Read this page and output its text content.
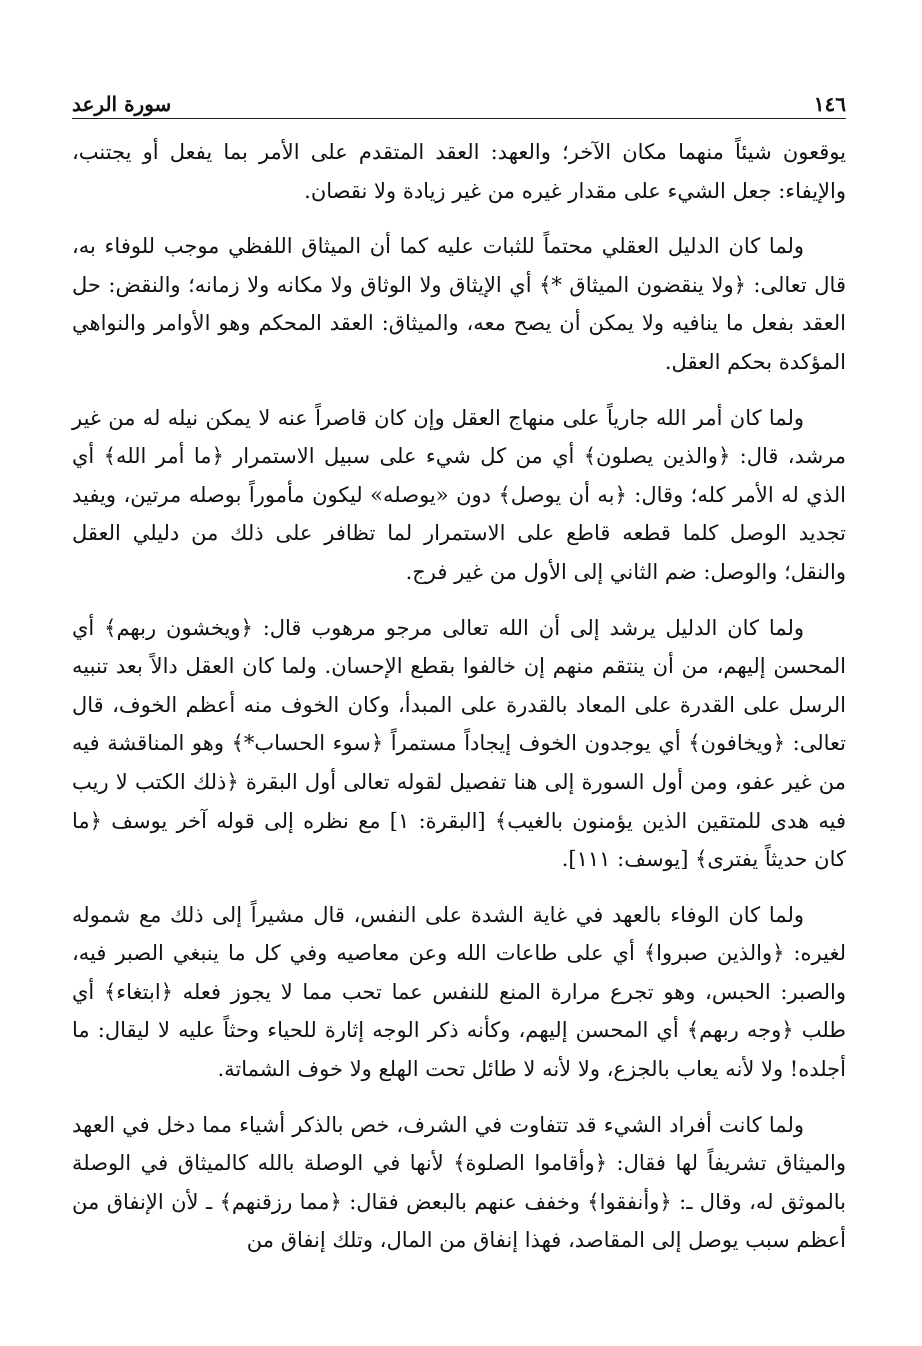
١٤٦
سورة الرعد

يوقعون شيئاً منهما مكان الآخر؛ والعهد: العقد المتقدم على الأمر بما يفعل أو يجتنب، والإيفاء: جعل الشيء على مقدار غيره من غير زيادة ولا نقصان.

ولما كان الدليل العقلي محتماً للثبات عليه كما أن الميثاق اللفظي موجب للوفاء به، قال تعالى: ﴿ولا ينقضون الميثاق *﴾ أي الإيثاق ولا الوثاق ولا مكانه ولا زمانه؛ والنقض: حل العقد بفعل ما ينافيه ولا يمكن أن يصح معه، والميثاق: العقد المحكم وهو الأوامر والنواهي المؤكدة بحكم العقل.

ولما كان أمر الله جارياً على منهاج العقل وإن كان قاصراً عنه لا يمكن نيله له من غير مرشد، قال: ﴿والذين يصلون﴾ أي من كل شيء على سبيل الاستمرار ﴿ما أمر الله﴾ أي الذي له الأمر كله؛ وقال: ﴿به أن يوصل﴾ دون «يوصله» ليكون مأموراً بوصله مرتين، ويفيد تجديد الوصل كلما قطعه قاطع على الاستمرار لما تظافر على ذلك من دليلي العقل والنقل؛ والوصل: ضم الثاني إلى الأول من غير فرج.

ولما كان الدليل يرشد إلى أن الله تعالى مرجو مرهوب قال: ﴿ويخشون ربهم﴾ أي المحسن إليهم، من أن ينتقم منهم إن خالفوا بقطع الإحسان. ولما كان العقل دالاً بعد تنبيه الرسل على القدرة على المعاد بالقدرة على المبدأ، وكان الخوف منه أعظم الخوف، قال تعالى: ﴿ويخافون﴾ أي يوجدون الخوف إيجاداً مستمراً ﴿سوء الحساب*﴾ وهو المناقشة فيه من غير عفو، ومن أول السورة إلى هنا تفصيل لقوله تعالى أول البقرة ﴿ذلك الكتب لا ريب فيه هدى للمتقين الذين يؤمنون بالغيب﴾ [البقرة: ١] مع نظره إلى قوله آخر يوسف ﴿ما كان حديثاً يفترى﴾ [يوسف: ١١١].

ولما كان الوفاء بالعهد في غاية الشدة على النفس، قال مشيراً إلى ذلك مع شموله لغيره: ﴿والذين صبروا﴾ أي على طاعات الله وعن معاصيه وفي كل ما ينبغي الصبر فيه، والصبر: الحبس، وهو تجرع مرارة المنع للنفس عما تحب مما لا يجوز فعله ﴿ابتغاء﴾ أي طلب ﴿وجه ربهم﴾ أي المحسن إليهم، وكأنه ذكر الوجه إثارة للحياء وحثاً عليه لا ليقال: ما أجلده! ولا لأنه يعاب بالجزع، ولا لأنه لا طائل تحت الهلع ولا خوف الشماتة.

ولما كانت أفراد الشيء قد تتفاوت في الشرف، خص بالذكر أشياء مما دخل في العهد والميثاق تشريفاً لها فقال: ﴿وأقاموا الصلوة﴾ لأنها في الوصلة بالله كالميثاق في الوصلة بالموثق له، وقال ـ: ﴿وأنفقوا﴾ وخفف عنهم بالبعض فقال: ﴿مما رزقنهم﴾ ـ لأن الإنفاق من أعظم سبب يوصل إلى المقاصد، فهذا إنفاق من المال، وتلك إنفاق من
